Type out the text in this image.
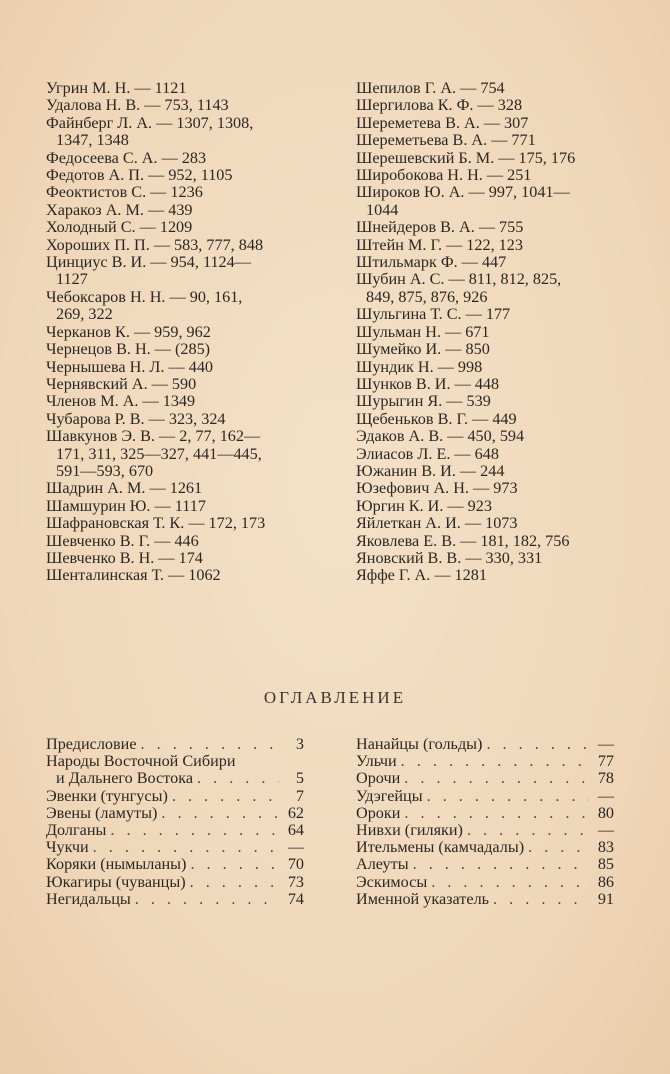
Угрин М. Н. — 1121
Удалова Н. В. — 753, 1143
Файнберг Л. А. — 1307, 1308,
1347, 1348
Федосеева С. А. — 283
Федотов А. П. — 952, 1105
Феоктистов С. — 1236
Харакоз А. М. — 439
Холодный С. — 1209
Хороших П. П. — 583, 777, 848
Цинциус В. И. — 954, 1124—
1127
Чебоксаров Н. Н. — 90, 161,
269, 322
Черканов К. — 959, 962
Чернецов В. Н. — (285)
Чернышева Н. Л. — 440
Чернявский А. — 590
Членов М. А. — 1349
Чубарова Р. В. — 323, 324
Шавкунов Э. В. — 2, 77, 162—
171, 311, 325—327, 441—445,
591—593, 670
Шадрин А. М. — 1261
Шамшурин Ю. — 1117
Шафрановская Т. К. — 172, 173
Шевченко В. Г. — 446
Шевченко В. Н. — 174
Шенталинская Т. — 1062
Шепилов Г. А. — 754
Шергилова К. Ф. — 328
Шереметева В. А. — 307
Шереметьева В. А. — 771
Шерешевский Б. М. — 175, 176
Широбокова Н. Н. — 251
Широков Ю. А. — 997, 1041—
1044
Шнейдеров В. А. — 755
Штейн М. Г. — 122, 123
Штильмарк Ф. — 447
Шубин А. С. — 811, 812, 825,
849, 875, 876, 926
Шульгина Т. С. — 177
Шульман Н. — 671
Шумейко И. — 850
Шундик Н. — 998
Шунков В. И. — 448
Шурыгин Я. — 539
Щебеньков В. Г. — 449
Эдаков А. В. — 450, 594
Элиасов Л. Е. — 648
Южанин В. И. — 244
Юзефович А. Н. — 973
Юргин К. И. — 923
Яйлеткан А. И. — 1073
Яковлева Е. В. — 181, 182, 756
Яновский В. В. — 330, 331
Яффе Г. А. — 1281
ОГЛАВЛЕНИЕ
Предисловие . . .	3
Народы Восточной Сибири
и Дальнего Востока . . .	5
Эвенки (тунгусы) . . .	7
Эвены (ламуты) . . .	62
Долганы . . .	64
Чукчи . . .	—
Коряки (нымыланы) . . .	70
Юкагиры (чуванцы) . . .	73
Негидальцы . . .	74
Нанайцы (гольды) . . .	—
Ульчи . . .	77
Орочи . . .	78
Удэгейцы . . .	—
Ороки . . .	80
Нивхи (гиляки) . . .	—
Ительмены (камчадалы) . . .	83
Алеуты . . .	85
Эскимосы . . .	86
Именной указатель . . .	91
